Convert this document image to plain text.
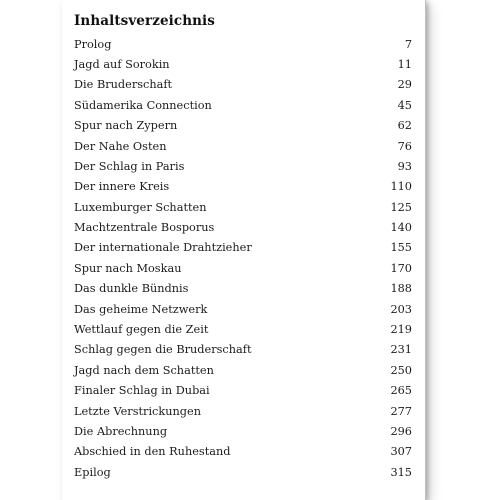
Inhaltsverzeichnis
Prolog	7
Jagd auf Sorokin	11
Die Bruderschaft	29
Südamerika Connection	45
Spur nach Zypern	62
Der Nahe Osten	76
Der Schlag in Paris	93
Der innere Kreis	110
Luxemburger Schatten	125
Machtzentrale Bosporus	140
Der internationale Drahtzieher	155
Spur nach Moskau	170
Das dunkle Bündnis	188
Das geheime Netzwerk	203
Wettlauf gegen die Zeit	219
Schlag gegen die Bruderschaft	231
Jagd nach dem Schatten	250
Finaler Schlag in Dubai	265
Letzte Verstrickungen	277
Die Abrechnung	296
Abschied in den Ruhestand	307
Epilog	315
